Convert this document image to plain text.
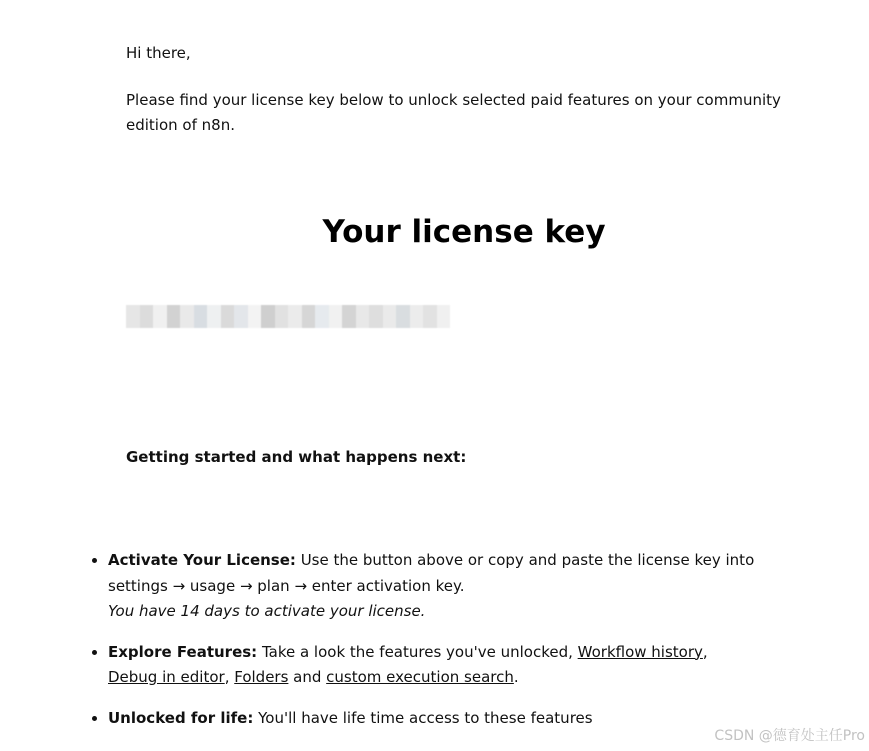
Hi there,

Please find your license key below to unlock selected paid features on your community edition of n8n.

Your license key

Getting started and what happens next:

• Activate Your License: Use the button above or copy and paste the license key into settings → usage → plan → enter activation key.
You have 14 days to activate your license.
• Explore Features: Take a look the features you've unlocked, Workflow history,
Debug in editor, Folders and custom execution search.
• Unlocked for life: You'll have life time access to these features
CSDN @德育处主任Pro
